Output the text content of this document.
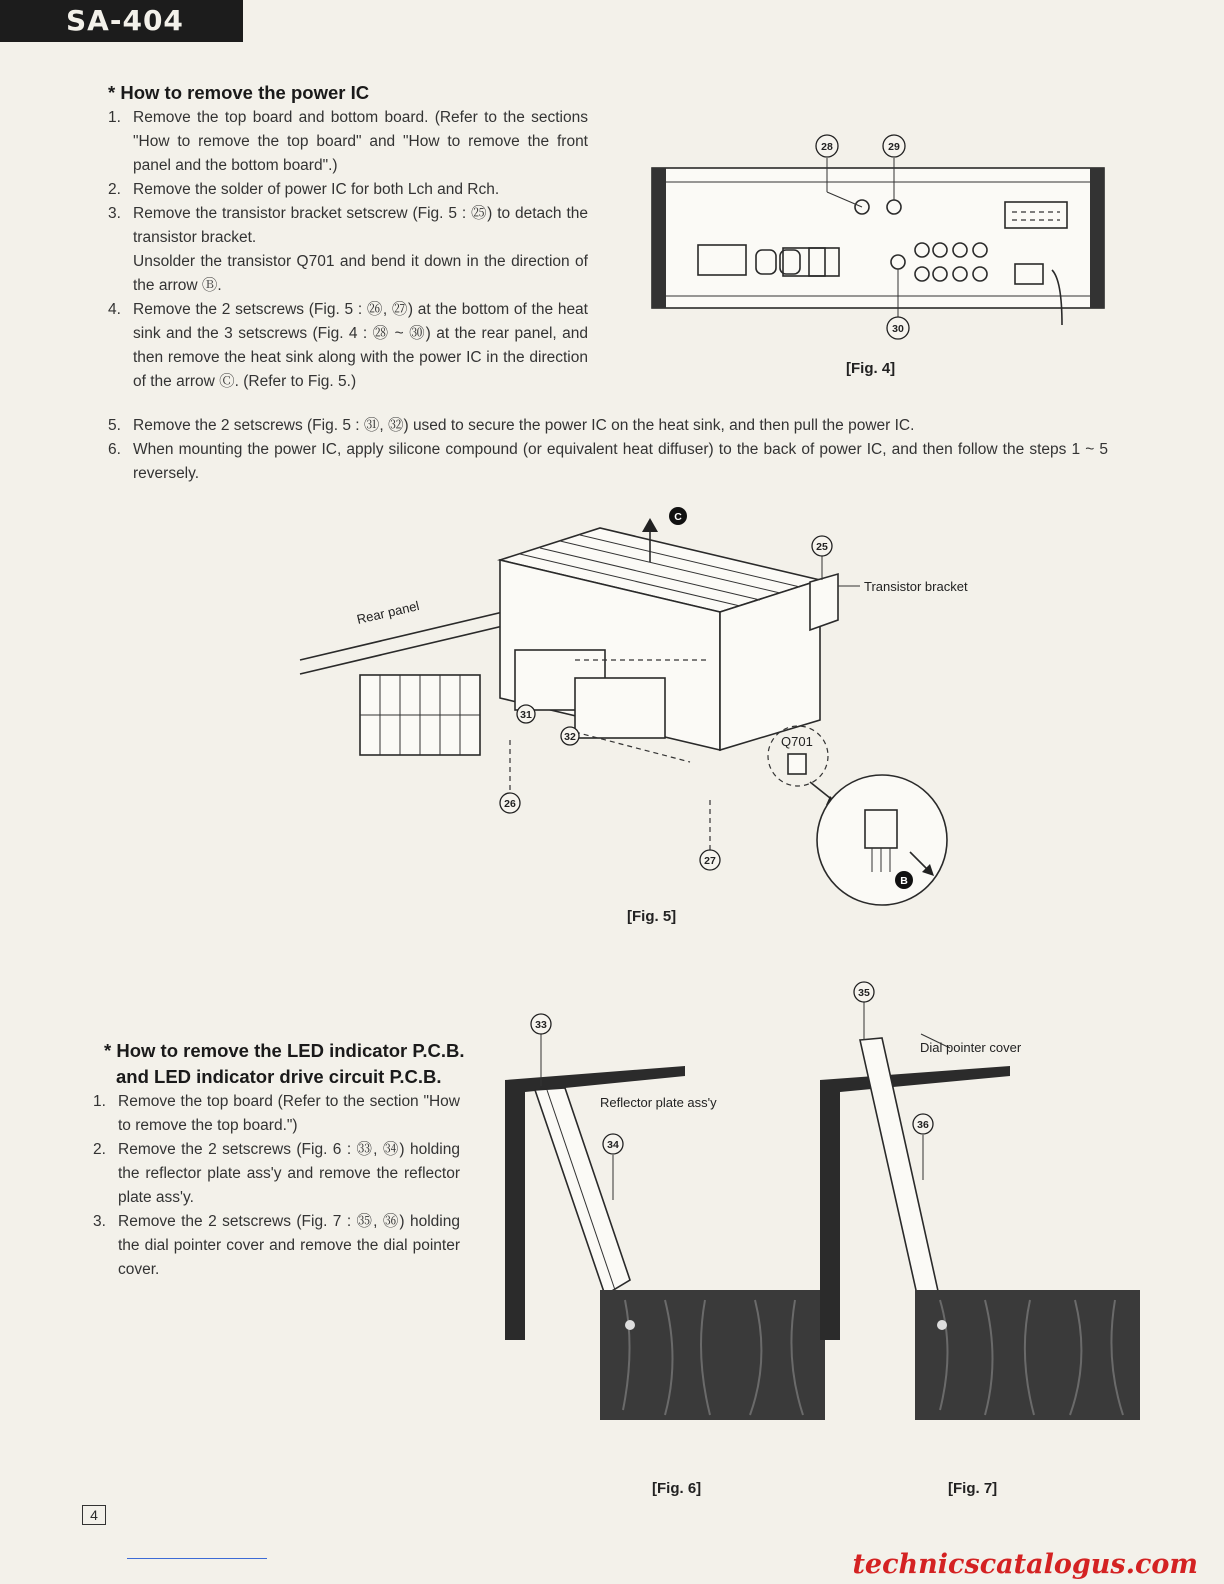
SA-404
* How to remove the power IC
1. Remove the top board and bottom board. (Refer to the sections "How to remove the top board" and "How to remove the front panel and the bottom board".)
2. Remove the solder of power IC for both Lch and Rch.
3. Remove the transistor bracket setscrew (Fig. 5 : ㉕) to detach the transistor bracket.
Unsolder the transistor Q701 and bend it down in the direction of the arrow Ⓑ.
4. Remove the 2 setscrews (Fig. 5 : ㉖, ㉗) at the bottom of the heat sink and the 3 setscrews (Fig. 4 : ㉘ ~ ㉚) at the rear panel, and then remove the heat sink along with the power IC in the direction of the arrow Ⓒ. (Refer to Fig. 5.)
5. Remove the 2 setscrews (Fig. 5 : ㉛, ㉜) used to secure the power IC on the heat sink, and then pull the power IC.
6. When mounting the power IC, apply silicone compound (or equivalent heat diffuser) to the back of power IC, and then follow the steps 1 ~ 5 reversely.
28	29
30
[Fig. 4]
Rear panel
C
Transistor bracket
25
Q701
B
26
27
31
32
[Fig. 5]
* How to remove the LED indicator P.C.B.
and LED indicator drive circuit P.C.B.
1. Remove the top board (Refer to the section "How to remove the top board.")
2. Remove the 2 setscrews (Fig. 6 : ㉝, ㉞) holding the reflector plate ass'y and remove the reflector plate ass'y.
3. Remove the 2 setscrews (Fig. 7 : ㉟, ㊱) holding the dial pointer cover and remove the dial pointer cover.
33
34
Reflector plate ass'y
[Fig. 6]
35
Dial pointer cover
36
[Fig. 7]
4
technicscatalogus.com
